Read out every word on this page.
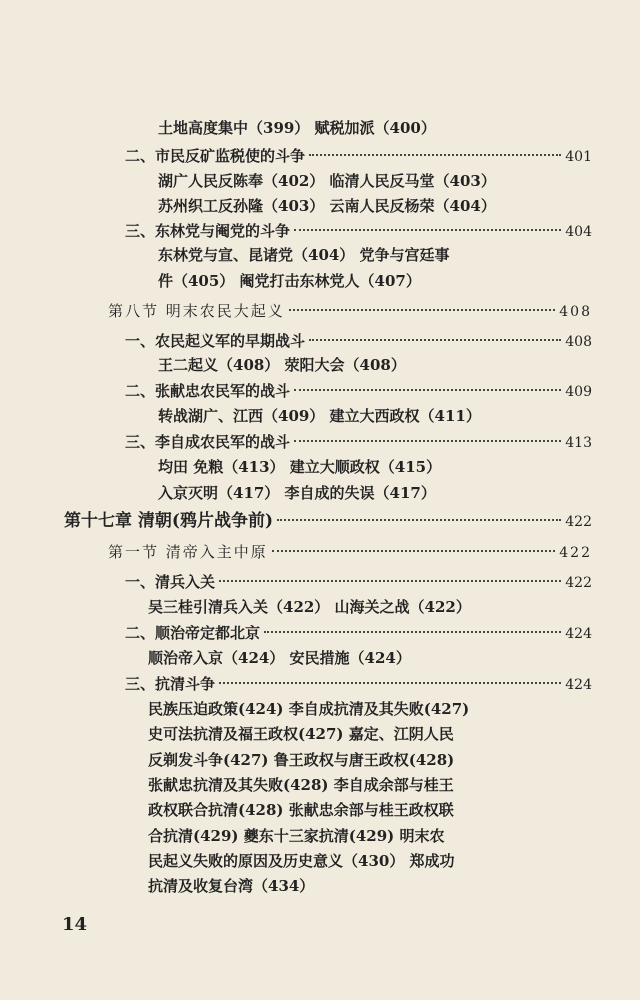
土地高度集中（399） 赋税加派（400）
二、市民反矿监税使的斗争	401
湖广人民反陈奉（402） 临清人民反马堂（403）
苏州织工反孙隆（403） 云南人民反杨荣（404）
三、东林党与阉党的斗争	404
东林党与宣、昆诸党（404） 党争与宫廷事
件（405） 阉党打击东林党人（407）
第八节 明末农民大起义	408
一、农民起义军的早期战斗	408
王二起义（408） 荥阳大会（408）
二、张献忠农民军的战斗	409
转战湖广、江西（409） 建立大西政权（411）
三、李自成农民军的战斗	413
均田 免粮（413） 建立大顺政权（415）
入京灭明（417） 李自成的失误（417）
第十七章 清朝(鸦片战争前)	422
第一节 清帝入主中原	422
一、清兵入关	422
吴三桂引清兵入关（422） 山海关之战（422）
二、顺治帝定都北京	424
顺治帝入京（424） 安民措施（424）
三、抗清斗争	424
民族压迫政策(424) 李自成抗清及其失败(427)
史可法抗清及福王政权(427) 嘉定、江阴人民
反剃发斗争(427) 鲁王政权与唐王政权(428)
张献忠抗清及其失败(428) 李自成余部与桂王
政权联合抗清(428) 张献忠余部与桂王政权联
合抗清(429) 夔东十三家抗清(429) 明末农
民起义失败的原因及历史意义（430） 郑成功
抗清及收复台湾（434）
14
